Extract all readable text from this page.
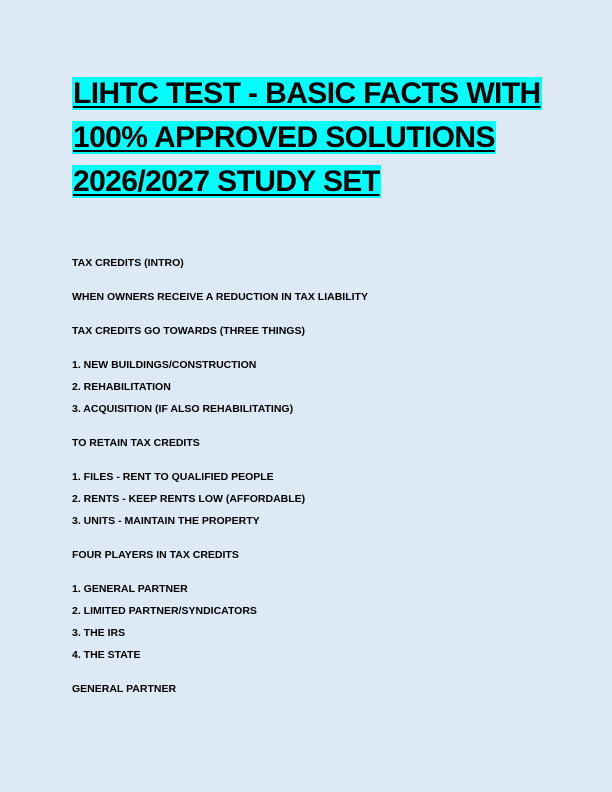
LIHTC TEST - BASIC FACTS WITH
100% APPROVED SOLUTIONS
2026/2027 STUDY SET
TAX CREDITS (INTRO)
WHEN OWNERS RECEIVE A REDUCTION IN TAX LIABILITY
TAX CREDITS GO TOWARDS (THREE THINGS)
1. NEW BUILDINGS/CONSTRUCTION
2. REHABILITATION
3. ACQUISITION (IF ALSO REHABILITATING)
TO RETAIN TAX CREDITS
1. FILES - RENT TO QUALIFIED PEOPLE
2. RENTS - KEEP RENTS LOW (AFFORDABLE)
3. UNITS - MAINTAIN THE PROPERTY
FOUR PLAYERS IN TAX CREDITS
1. GENERAL PARTNER
2. LIMITED PARTNER/SYNDICATORS
3. THE IRS
4. THE STATE
GENERAL PARTNER
